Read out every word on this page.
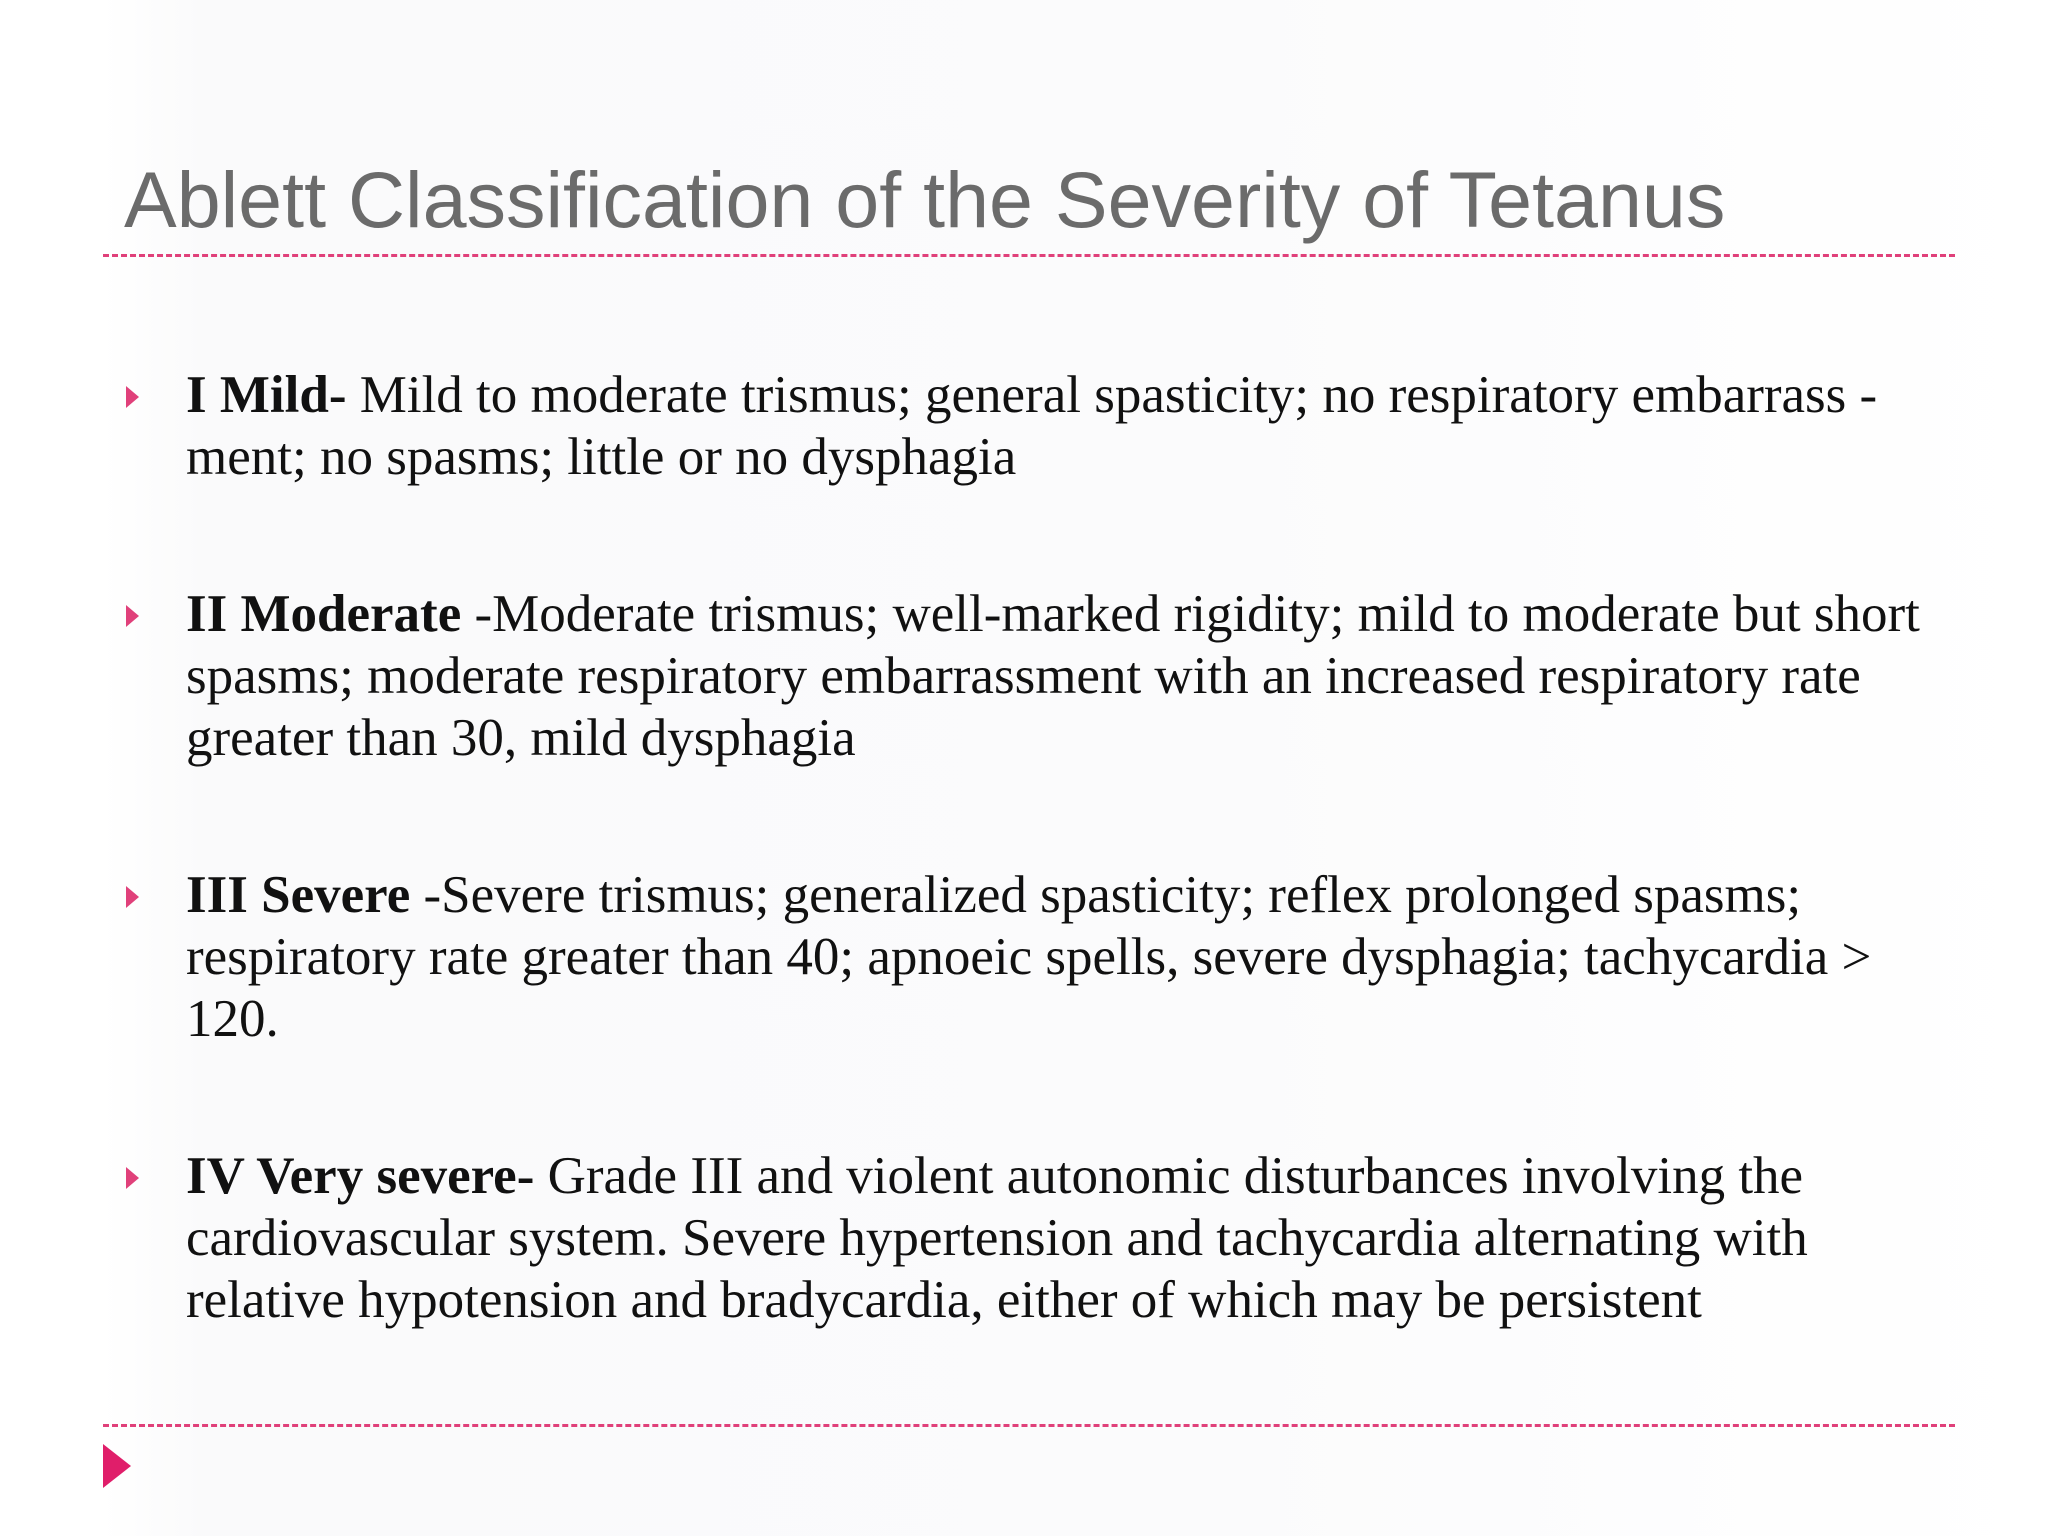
Ablett Classification of the Severity of Tetanus
I Mild- Mild to moderate trismus; general spasticity; no respiratory embarrass - ment; no spasms; little or no dysphagia
II Moderate -Moderate trismus; well-marked rigidity; mild to moderate but short spasms; moderate respiratory embarrassment with an increased respiratory rate greater than 30, mild dysphagia
III Severe -Severe trismus; generalized spasticity; reflex prolonged spasms; respiratory rate greater than 40; apnoeic spells, severe dysphagia; tachycardia > 120.
IV Very severe- Grade III and violent autonomic disturbances involving the cardiovascular system. Severe hypertension and tachycardia alternating with relative hypotension and bradycardia, either of which may be persistent
